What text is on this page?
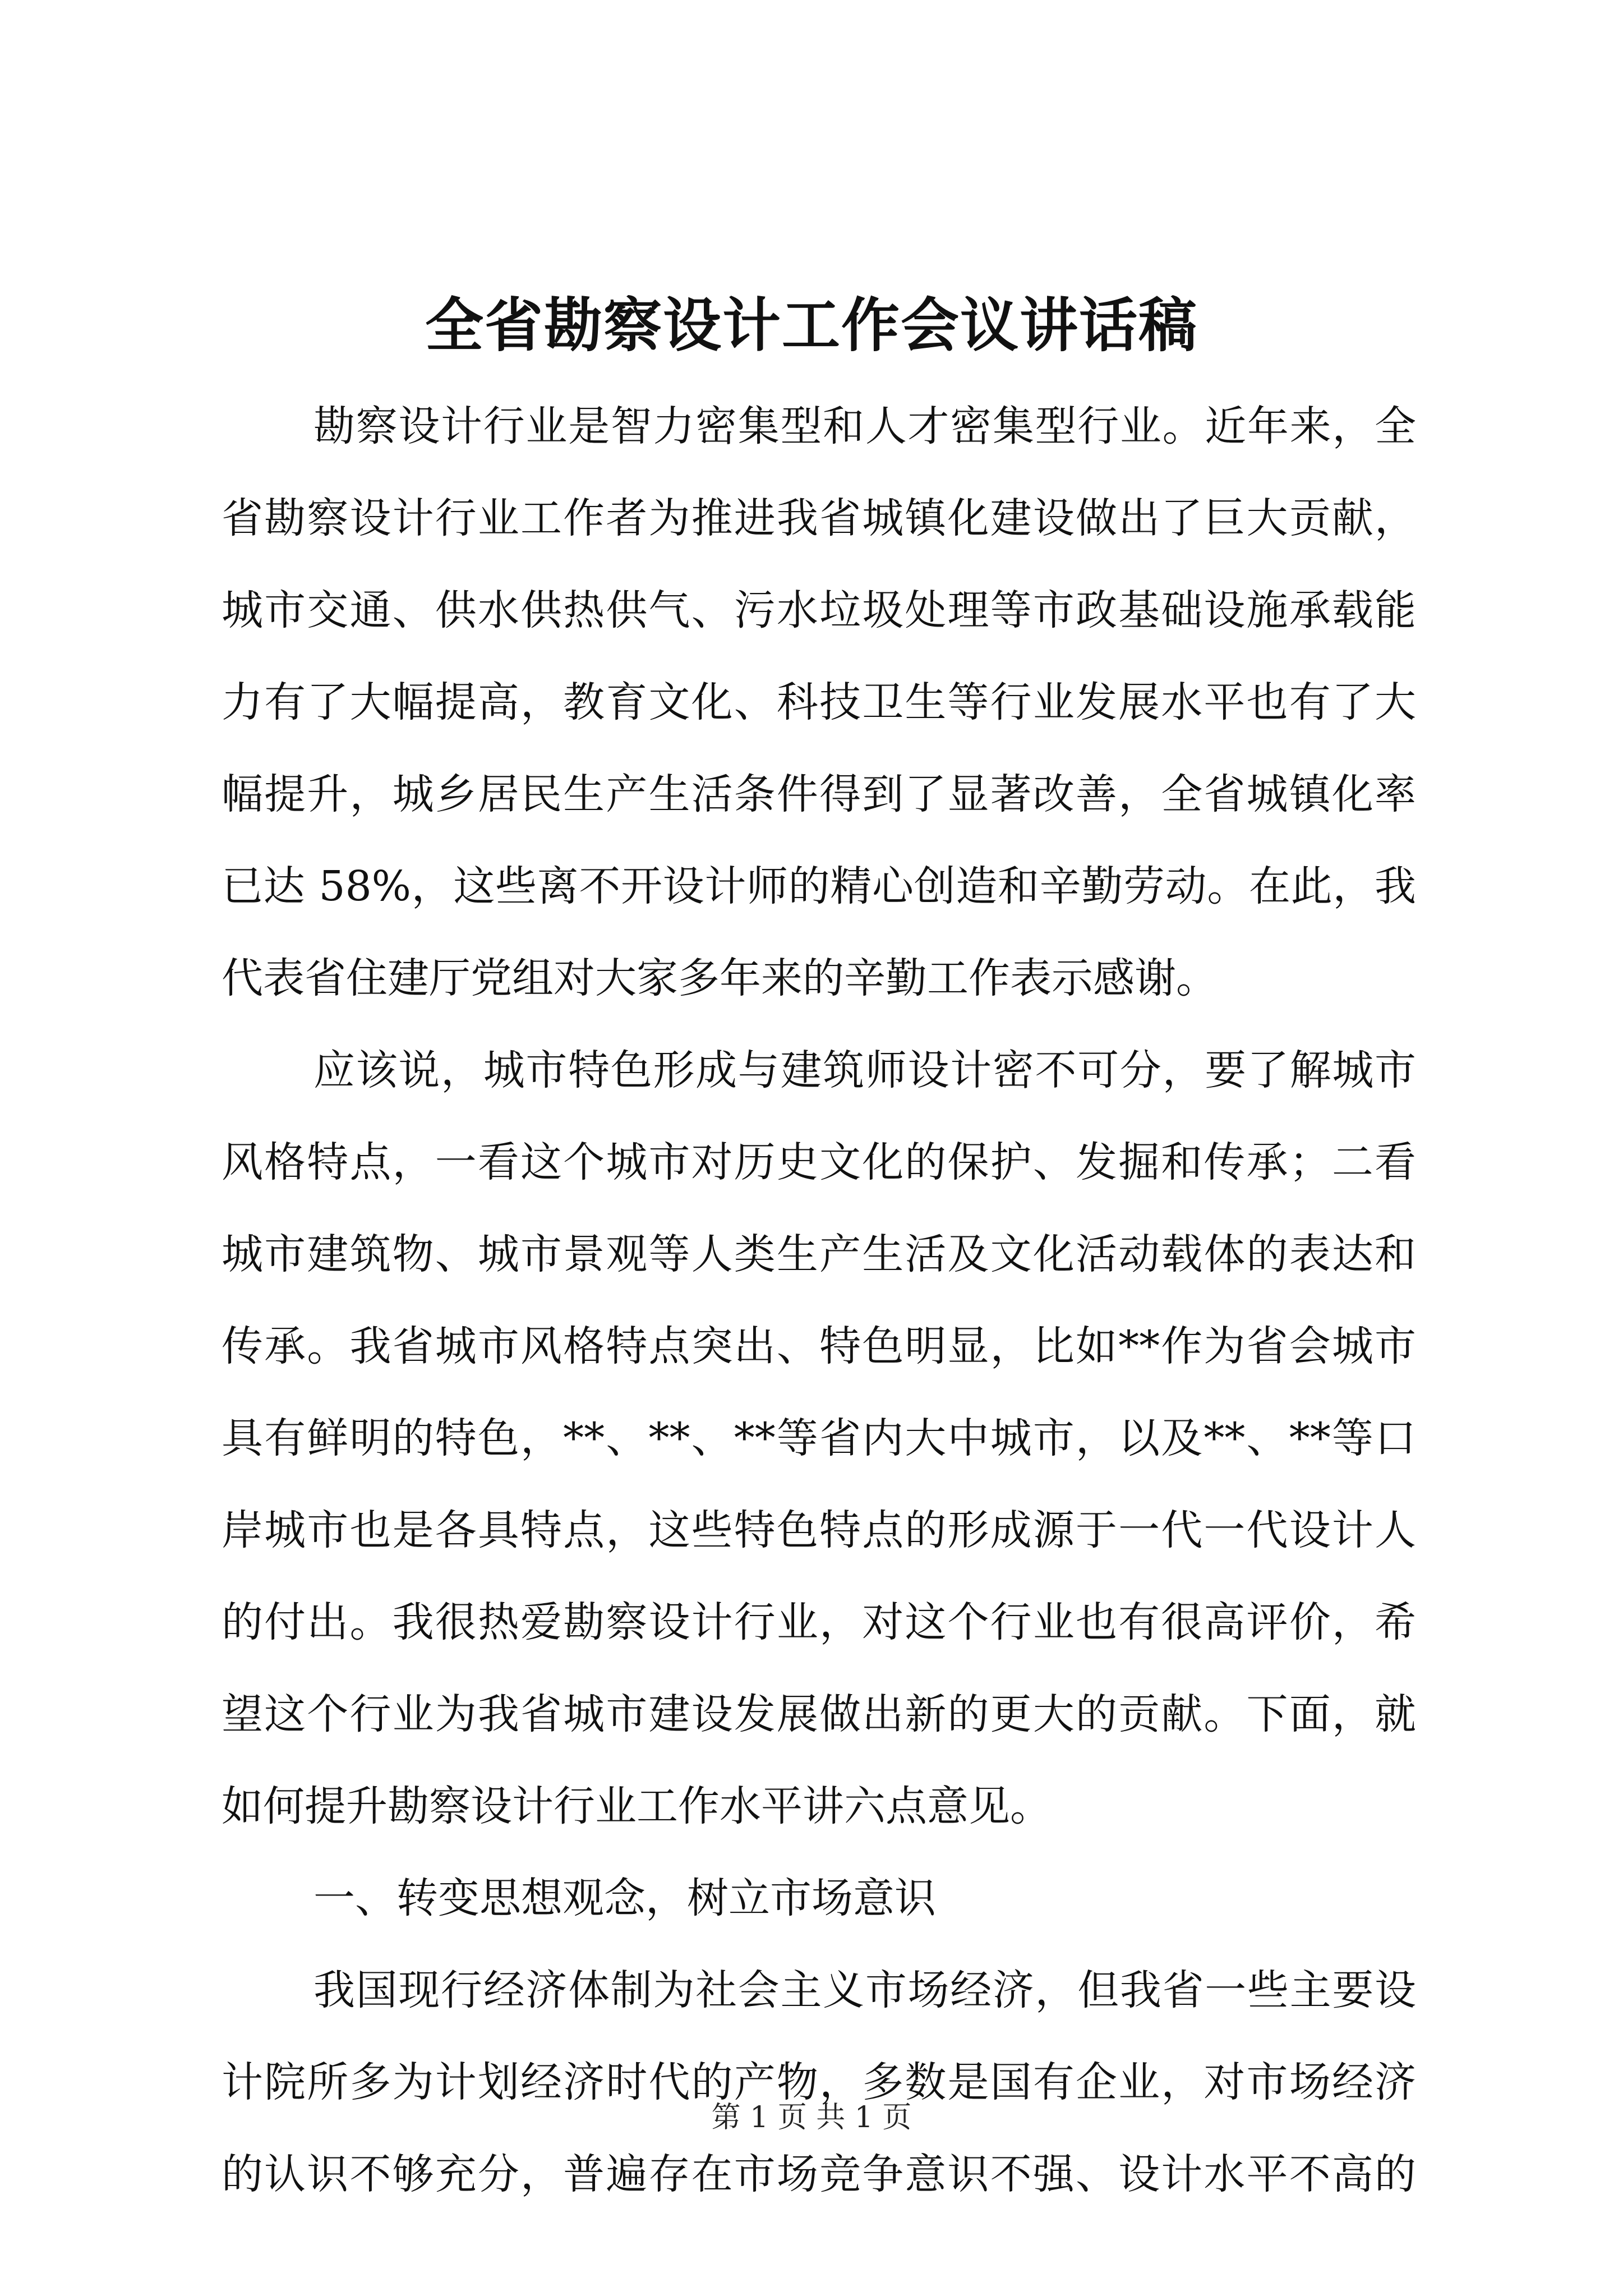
全省勘察设计工作会议讲话稿
勘察设计行业是智力密集型和人才密集型行业。近年来，全
省勘察设计行业工作者为推进我省城镇化建设做出了巨大贡献，
城市交通、供水供热供气、污水垃圾处理等市政基础设施承载能
力有了大幅提高，教育文化、科技卫生等行业发展水平也有了大
幅提升，城乡居民生产生活条件得到了显著改善，全省城镇化率
已达 58%，这些离不开设计师的精心创造和辛勤劳动。在此，我
代表省住建厅党组对大家多年来的辛勤工作表示感谢。
应该说，城市特色形成与建筑师设计密不可分，要了解城市
风格特点，一看这个城市对历史文化的保护、发掘和传承；二看
城市建筑物、城市景观等人类生产生活及文化活动载体的表达和
传承。我省城市风格特点突出、特色明显，比如**作为省会城市
具有鲜明的特色，**、**、**等省内大中城市，以及**、**等口
岸城市也是各具特点，这些特色特点的形成源于一代一代设计人
的付出。我很热爱勘察设计行业，对这个行业也有很高评价，希
望这个行业为我省城市建设发展做出新的更大的贡献。下面，就
如何提升勘察设计行业工作水平讲六点意见。
一、转变思想观念，树立市场意识
我国现行经济体制为社会主义市场经济，但我省一些主要设
计院所多为计划经济时代的产物，多数是国有企业，对市场经济
的认识不够充分，普遍存在市场竞争意识不强、设计水平不高的
第 1 页 共 1 页
